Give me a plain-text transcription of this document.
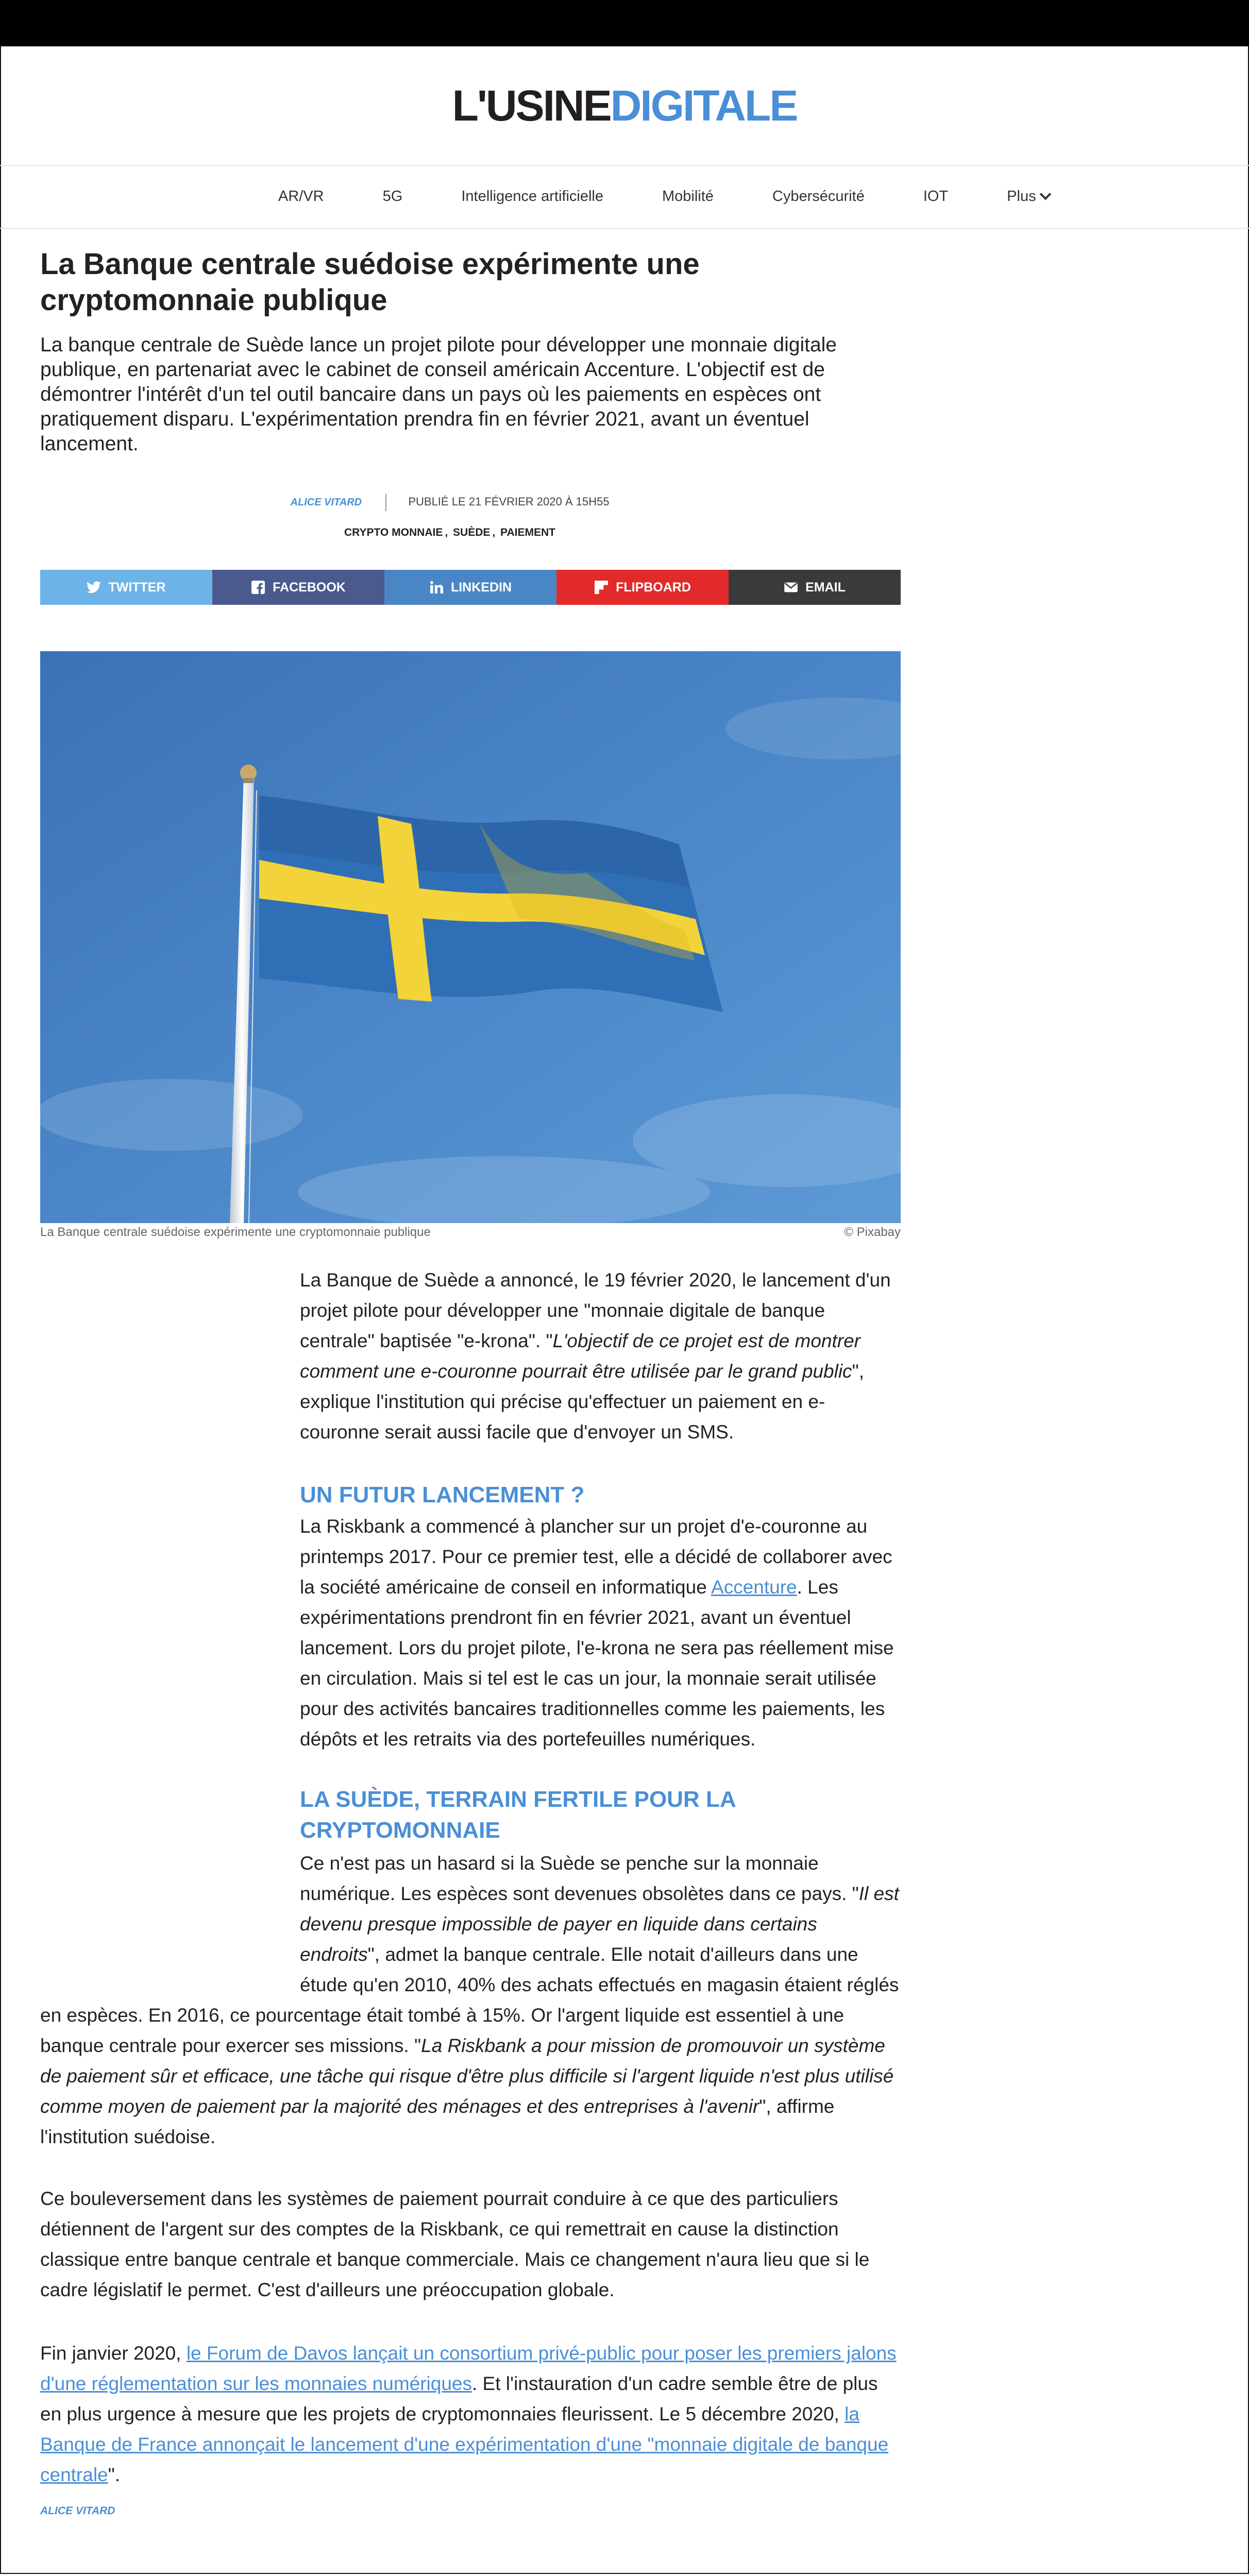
L'USINEDIGITALE
AR/VR	5G	Intelligence artificielle	Mobilité	Cybersécurité	IOT	Plus
La Banque centrale suédoise expérimente une cryptomonnaie publique

La banque centrale de Suède lance un projet pilote pour développer une monnaie digitale publique, en partenariat avec le cabinet de conseil américain Accenture. L'objectif est de démontrer l'intérêt d'un tel outil bancaire dans un pays où les paiements en espèces ont pratiquement disparu. L'expérimentation prendra fin en février 2021, avant un éventuel lancement.

ALICE VITARD	PUBLIÉ LE 21 FÉVRIER 2020 À 15H55
CRYPTO MONNAIE , SUÈDE , PAIEMENT
TWITTER	FACEBOOK	LINKEDIN	FLIPBOARD	EMAIL
La Banque centrale suédoise expérimente une cryptomonnaie publique	© Pixabay

La Banque de Suède a annoncé, le 19 février 2020, le lancement d'un projet pilote pour développer une "monnaie digitale de banque centrale" baptisée "e-krona". "L'objectif de ce projet est de montrer comment une e-couronne pourrait être utilisée par le grand public", explique l'institution qui précise qu'effectuer un paiement en e-couronne serait aussi facile que d'envoyer un SMS.

UN FUTUR LANCEMENT ?

La Riskbank a commencé à plancher sur un projet d'e-couronne au printemps 2017. Pour ce premier test, elle a décidé de collaborer avec la société américaine de conseil en informatique Accenture. Les expérimentations prendront fin en février 2021, avant un éventuel lancement. Lors du projet pilote, l'e-krona ne sera pas réellement mise en circulation. Mais si tel est le cas un jour, la monnaie serait utilisée pour des activités bancaires traditionnelles comme les paiements, les dépôts et les retraits via des portefeuilles numériques.

LA SUÈDE, TERRAIN FERTILE POUR LA CRYPTOMONNAIE

Ce n'est pas un hasard si la Suède se penche sur la monnaie
numérique. Les espèces sont devenues obsolètes dans ce pays. "Il est
devenu presque impossible de payer en liquide dans certains
endroits", admet la banque centrale. Elle notait d'ailleurs dans une
étude qu'en 2010, 40% des achats effectués en magasin étaient réglés

en espèces. En 2016, ce pourcentage était tombé à 15%. Or l'argent liquide est essentiel à une banque centrale pour exercer ses missions. "La Riskbank a pour mission de promouvoir un système de paiement sûr et efficace, une tâche qui risque d'être plus difficile si l'argent liquide n'est plus utilisé comme moyen de paiement par la majorité des ménages et des entreprises à l'avenir", affirme l'institution suédoise.

Ce bouleversement dans les systèmes de paiement pourrait conduire à ce que des particuliers détiennent de l'argent sur des comptes de la Riskbank, ce qui remettrait en cause la distinction classique entre banque centrale et banque commerciale. Mais ce changement n'aura lieu que si le cadre législatif le permet. C'est d'ailleurs une préoccupation globale.

Fin janvier 2020, le Forum de Davos lançait un consortium privé-public pour poser les premiers jalons d'une réglementation sur les monnaies numériques. Et l'instauration d'un cadre semble être de plus en plus urgence à mesure que les projets de cryptomonnaies fleurissent. Le 5 décembre 2020, la Banque de France annonçait le lancement d'une expérimentation d'une "monnaie digitale de banque centrale".

ALICE VITARD
